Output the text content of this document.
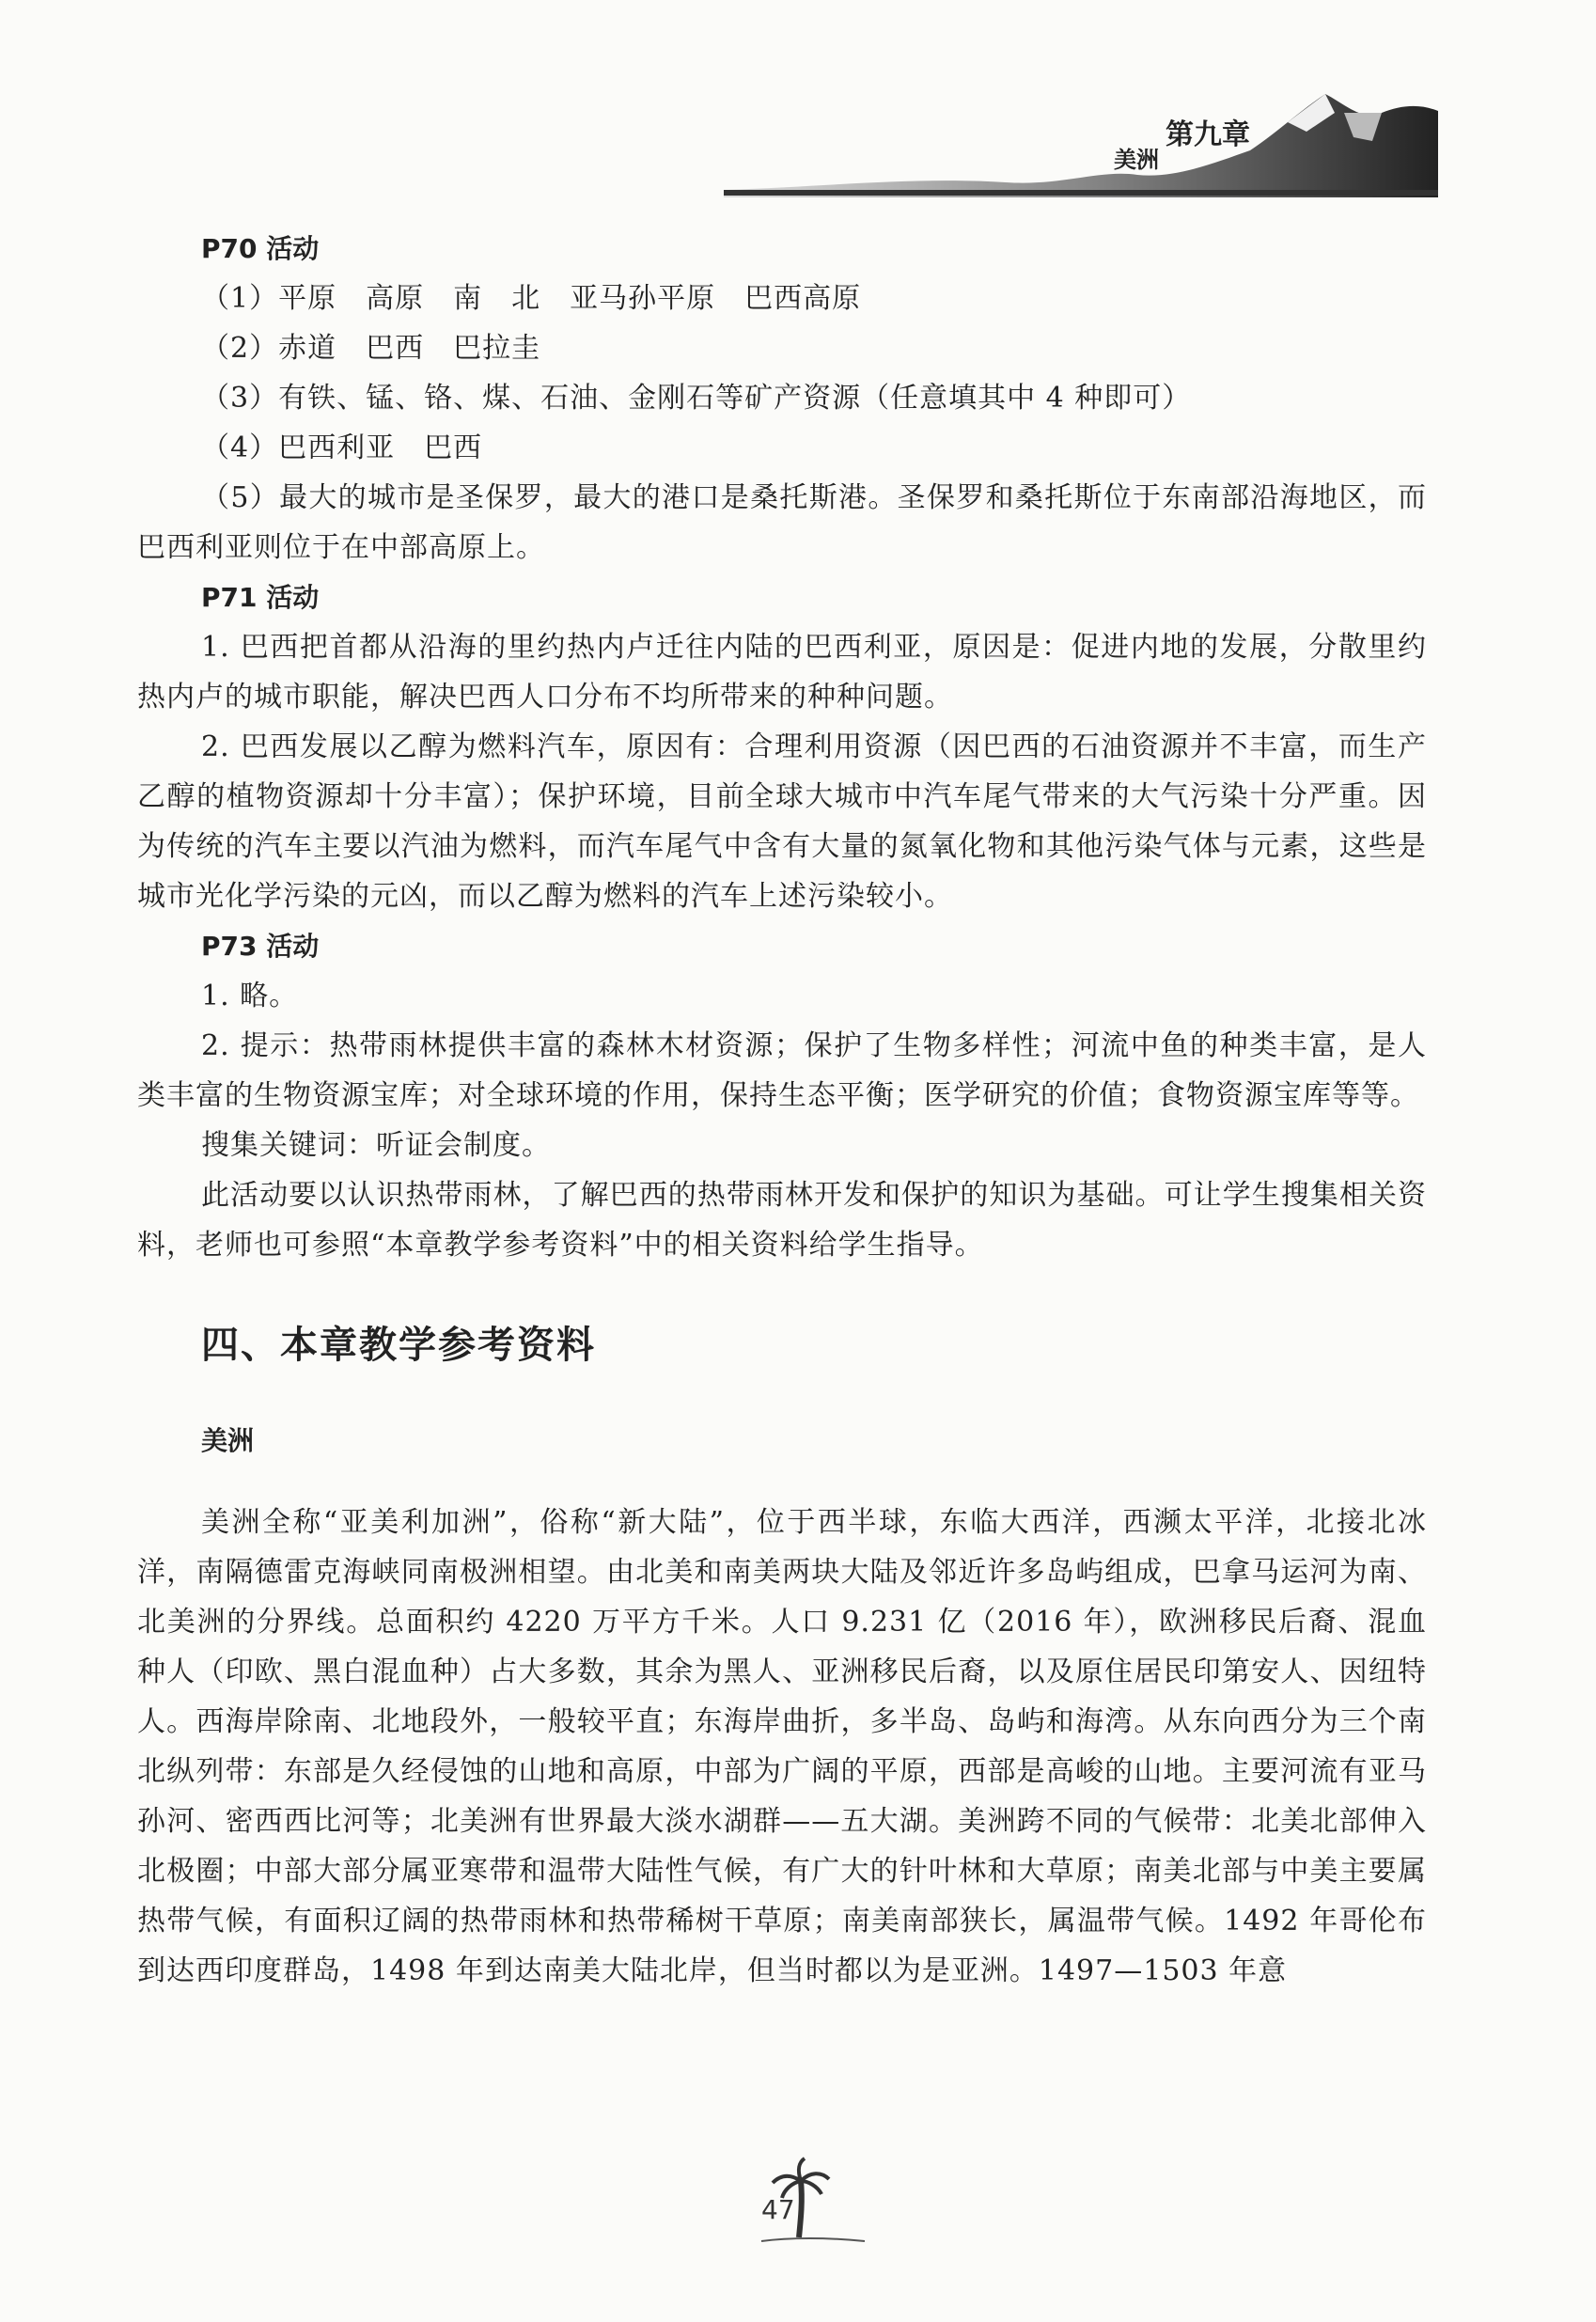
第九章
美洲

P70 活动

（1）平原　高原　南　北　亚马孙平原　巴西高原

（2）赤道　巴西　巴拉圭

（3）有铁、锰、铬、煤、石油、金刚石等矿产资源（任意填其中 4 种即可）

（4）巴西利亚　巴西

（5）最大的城市是圣保罗，最大的港口是桑托斯港。圣保罗和桑托斯位于东南部沿海地区，而巴西利亚则位于在中部高原上。

P71 活动

1. 巴西把首都从沿海的里约热内卢迁往内陆的巴西利亚，原因是：促进内地的发展，分散里约热内卢的城市职能，解决巴西人口分布不均所带来的种种问题。

2. 巴西发展以乙醇为燃料汽车，原因有：合理利用资源（因巴西的石油资源并不丰富，而生产乙醇的植物资源却十分丰富）；保护环境，目前全球大城市中汽车尾气带来的大气污染十分严重。因为传统的汽车主要以汽油为燃料，而汽车尾气中含有大量的氮氧化物和其他污染气体与元素，这些是城市光化学污染的元凶，而以乙醇为燃料的汽车上述污染较小。

P73 活动

1. 略。

2. 提示：热带雨林提供丰富的森林木材资源；保护了生物多样性；河流中鱼的种类丰富，是人类丰富的生物资源宝库；对全球环境的作用，保持生态平衡；医学研究的价值；食物资源宝库等等。

搜集关键词：听证会制度。

此活动要以认识热带雨林，了解巴西的热带雨林开发和保护的知识为基础。可让学生搜集相关资料，老师也可参照“本章教学参考资料”中的相关资料给学生指导。

四、本章教学参考资料
美洲

美洲全称“亚美利加洲”，俗称“新大陆”，位于西半球，东临大西洋，西濒太平洋，北接北冰洋，南隔德雷克海峡同南极洲相望。由北美和南美两块大陆及邻近许多岛屿组成，巴拿马运河为南、北美洲的分界线。总面积约 4220 万平方千米。人口 9.231 亿（2016 年），欧洲移民后裔、混血种人（印欧、黑白混血种）占大多数，其余为黑人、亚洲移民后裔，以及原住居民印第安人、因纽特人。西海岸除南、北地段外，一般较平直；东海岸曲折，多半岛、岛屿和海湾。从东向西分为三个南北纵列带：东部是久经侵蚀的山地和高原，中部为广阔的平原，西部是高峻的山地。主要河流有亚马孙河、密西西比河等；北美洲有世界最大淡水湖群——五大湖。美洲跨不同的气候带：北美北部伸入北极圈；中部大部分属亚寒带和温带大陆性气候，有广大的针叶林和大草原；南美北部与中美主要属热带气候，有面积辽阔的热带雨林和热带稀树干草原；南美南部狭长，属温带气候。1492 年哥伦布到达西印度群岛，1498 年到达南美大陆北岸，但当时都以为是亚洲。1497—1503 年意

47
